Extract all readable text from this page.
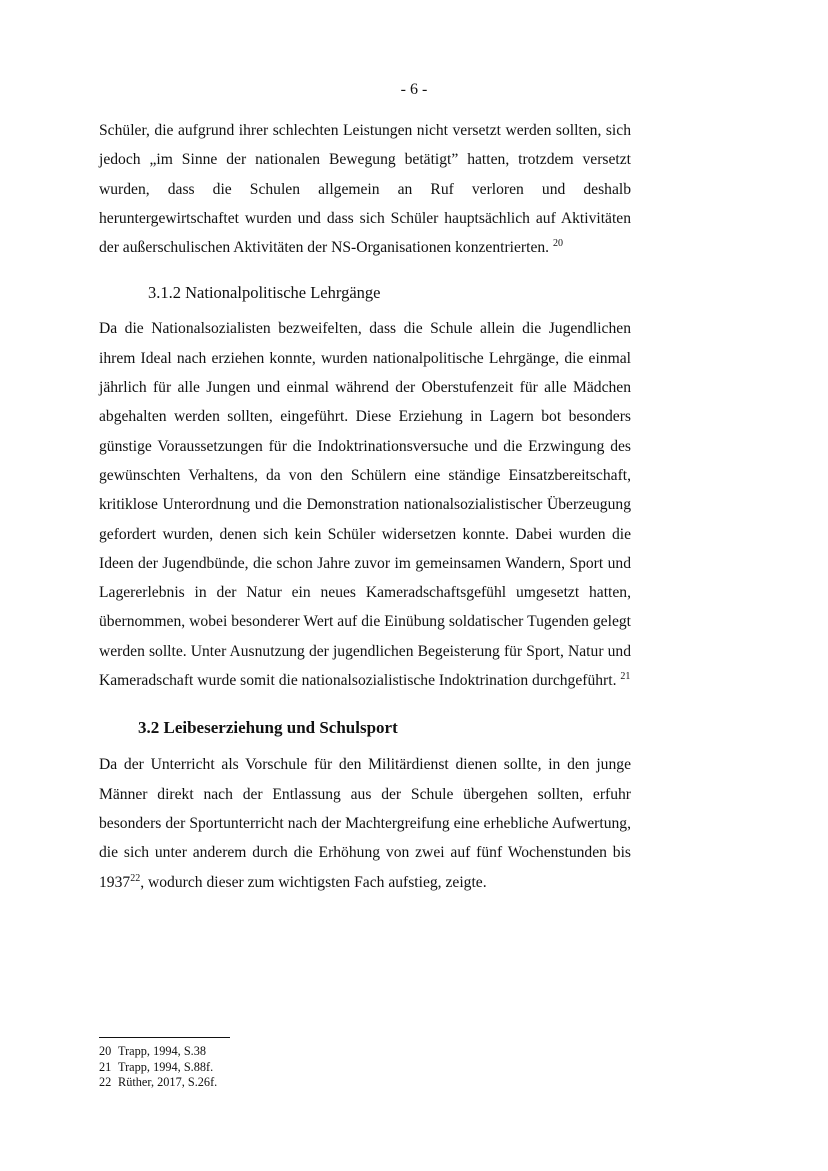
- 6 -

Schüler, die aufgrund ihrer schlechten Leistungen nicht versetzt werden sollten, sich jedoch „im Sinne der nationalen Bewegung betätigt” hatten, trotzdem versetzt wurden, dass die Schulen allgemein an Ruf verloren und deshalb heruntergewirtschaftet wurden und dass sich Schüler hauptsächlich auf Aktivitäten der außerschulischen Aktivitäten der NS-Organisationen konzentrierten. $^{20}$

3.1.2 Nationalpolitische Lehrgänge

Da die Nationalsozialisten bezweifelten, dass die Schule allein die Jugendlichen ihrem Ideal nach erziehen konnte, wurden nationalpolitische Lehrgänge, die einmal jährlich für alle Jungen und einmal während der Oberstufenzeit für alle Mädchen abgehalten werden sollten, eingeführt. Diese Erziehung in Lagern bot besonders günstige Voraussetzungen für die Indoktrinationsversuche und die Erzwingung des gewünschten Verhaltens, da von den Schülern eine ständige Einsatzbereitschaft, kritiklose Unterordnung und die Demonstration nationalsozialistischer Überzeugung gefordert wurden, denen sich kein Schüler widersetzen konnte. Dabei wurden die Ideen der Jugendbünde, die schon Jahre zuvor im gemeinsamen Wandern, Sport und Lagererlebnis in der Natur ein neues Kameradschaftsgefühl umgesetzt hatten, übernommen, wobei besonderer Wert auf die Einübung soldatischer Tugenden gelegt werden sollte. Unter Ausnutzung der jugendlichen Begeisterung für Sport, Natur und Kameradschaft wurde somit die nationalsozialistische Indoktrination durchgeführt. $^{21}$

3.2 Leibeserziehung und Schulsport

Da der Unterricht als Vorschule für den Militärdienst dienen sollte, in den junge Männer direkt nach der Entlassung aus der Schule übergehen sollten, erfuhr besonders der Sportunterricht nach der Machtergreifung eine erhebliche Aufwertung, die sich unter anderem durch die Erhöhung von zwei auf fünf Wochenstunden bis 1937$^{22}$, wodurch dieser zum wichtigsten Fach aufstieg, zeigte.

20 Trapp, 1994, S.38
21 Trapp, 1994, S.88f.
22 Rüther, 2017, S.26f.
